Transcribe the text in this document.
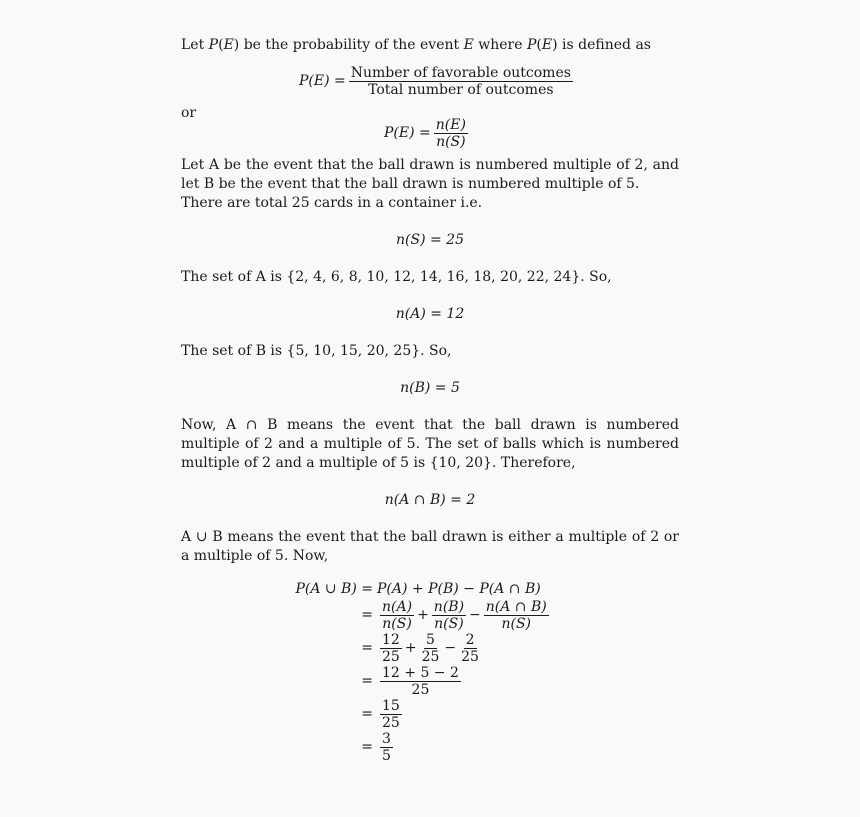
Let P(E) be the probability of the event E where P(E) is defined as

$P(E) = \frac{\text{Number of favorable outcomes}}{\text{Total number of outcomes}}$

or

$P(E) = \frac{n(E)}{n(S)}$

Let A be the event that the ball drawn is numbered multiple of 2, and let B be the event that the ball drawn is numbered multiple of 5.

There are total 25 cards in a container i.e.

n(S) = 25

The set of A is {2, 4, 6, 8, 10, 12, 14, 16, 18, 20, 22, 24}. So,

n(A) = 12

The set of B is {5, 10, 15, 20, 25}. So,

n(B) = 5

Now, A ∩ B means the event that the ball drawn is numbered multiple of 2 and a multiple of 5. The set of balls which is numbered multiple of 2 and a multiple of 5 is {10, 20}. Therefore,

n(A ∩ B) = 2

A ∪ B means the event that the ball drawn is either a multiple of 2 or a multiple of 5. Now,

P(A ∪ B) = P(A) + P(B) − P(A ∩ B)
= $\frac{n(A)}{n(S)} + \frac{n(B)}{n(S)} - \frac{n(A \cap B)}{n(S)}$
= $\frac{12}{25} + \frac{5}{25} - \frac{2}{25}$
= $\frac{12 + 5 - 2}{25}$
= $\frac{15}{25}$
= $\frac{3}{5}$
